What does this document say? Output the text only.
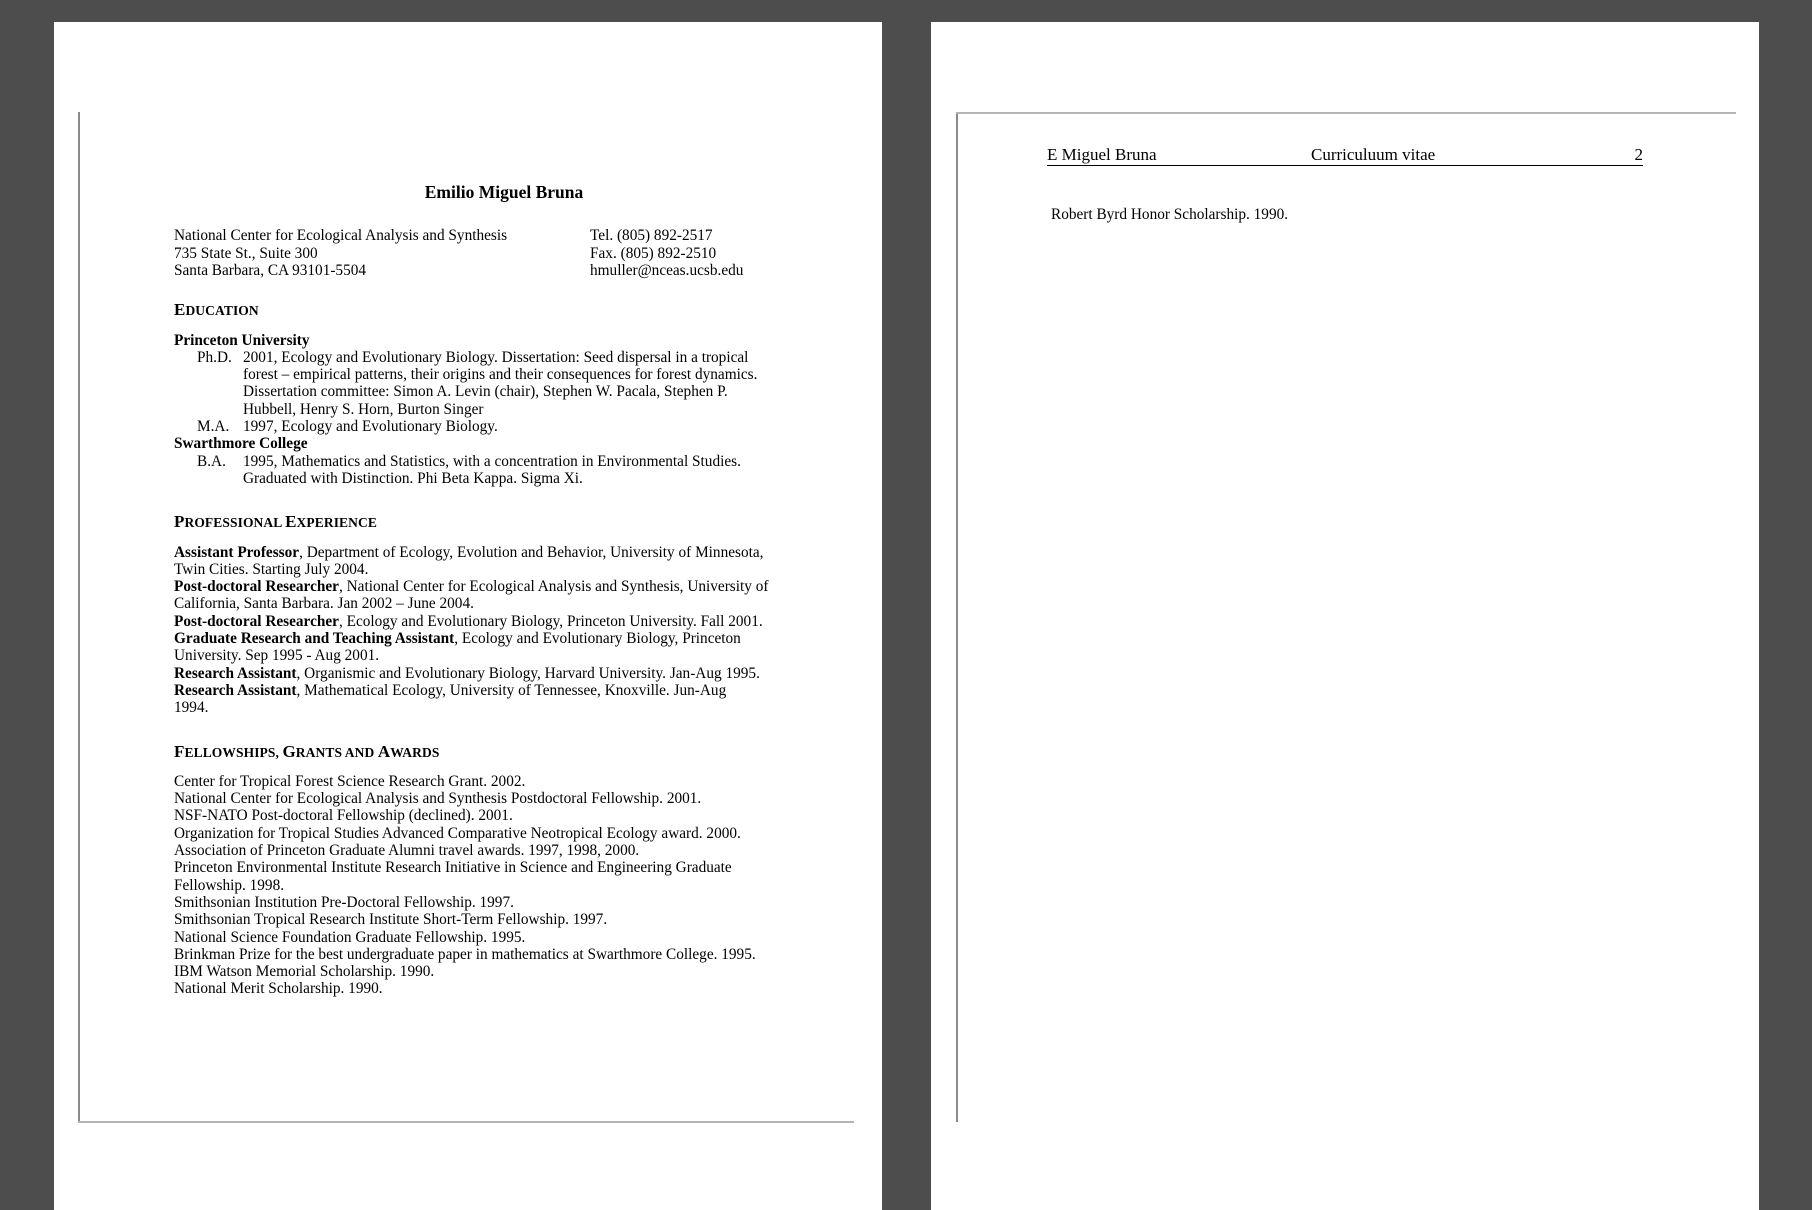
Emilio Miguel Bruna
National Center for Ecological Analysis and Synthesis
735 State St., Suite 300
Santa Barbara, CA 93101-5504
Tel. (805) 892-2517
Fax. (805) 892-2510
hmuller@nceas.ucsb.edu
EDUCATION
Princeton University
Ph.D. 2001, Ecology and Evolutionary Biology. Dissertation: Seed dispersal in a tropical
forest – empirical patterns, their origins and their consequences for forest dynamics.
Dissertation committee: Simon A. Levin (chair), Stephen W. Pacala, Stephen P.
Hubbell, Henry S. Horn, Burton Singer
M.A. 1997, Ecology and Evolutionary Biology.
Swarthmore College
B.A. 1995, Mathematics and Statistics, with a concentration in Environmental Studies.
Graduated with Distinction. Phi Beta Kappa. Sigma Xi.
PROFESSIONAL EXPERIENCE
Assistant Professor, Department of Ecology, Evolution and Behavior, University of Minnesota,
Twin Cities. Starting July 2004.
Post-doctoral Researcher, National Center for Ecological Analysis and Synthesis, University of
California, Santa Barbara. Jan 2002 – June 2004.
Post-doctoral Researcher, Ecology and Evolutionary Biology, Princeton University. Fall 2001.
Graduate Research and Teaching Assistant, Ecology and Evolutionary Biology, Princeton
University. Sep 1995 - Aug 2001.
Research Assistant, Organismic and Evolutionary Biology, Harvard University. Jan-Aug 1995.
Research Assistant, Mathematical Ecology, University of Tennessee, Knoxville. Jun-Aug
1994.
FELLOWSHIPS, GRANTS AND AWARDS
Center for Tropical Forest Science Research Grant. 2002.
National Center for Ecological Analysis and Synthesis Postdoctoral Fellowship. 2001.
NSF-NATO Post-doctoral Fellowship (declined). 2001.
Organization for Tropical Studies Advanced Comparative Neotropical Ecology award. 2000.
Association of Princeton Graduate Alumni travel awards. 1997, 1998, 2000.
Princeton Environmental Institute Research Initiative in Science and Engineering Graduate
Fellowship. 1998.
Smithsonian Institution Pre-Doctoral Fellowship. 1997.
Smithsonian Tropical Research Institute Short-Term Fellowship. 1997.
National Science Foundation Graduate Fellowship. 1995.
Brinkman Prize for the best undergraduate paper in mathematics at Swarthmore College. 1995.
IBM Watson Memorial Scholarship. 1990.
National Merit Scholarship. 1990.
E Miguel Bruna	Curriculuum vitae	2
Robert Byrd Honor Scholarship. 1990.
